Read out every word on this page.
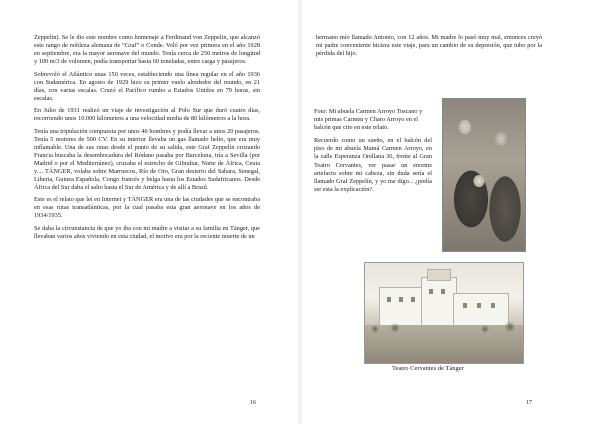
Zeppelin). Se le dio este nombre como homenaje a Ferdinand von Zeppelin, que alcanzó este rango de nobleza alemana de “Graf” o Conde. Voló por vez primera en el año 1928 en septiembre, era la mayor aeronave del mundo. Tenía cerca de 250 metros de longitud y 100 m/3 de volumen, podía transportar hasta 60 toneladas, entre carga y pasajeros.

Sobrevoló el Atlántico unas 150 veces, estableciendo una línea regular en el año 1936 con Sudamérica. En agosto de 1929 hizo su primer vuelo alrededor del mundo, en 21 días, con varias escalas. Cruzó el Pacífico rumbo a Estados Unidos en 79 horas, sin escalas.

En Julio de 1931 realizó un viaje de investigación al Polo Sur que duró cuatro días, recorriendo unos 10.000 kilómetros a una velocidad media de 80 kilómetros a la hora.

Tenía una tripulación compuesta por unos 40 hombres y podía llevar a unos 20 pasajeros. Tenía 5 motores de 500 CV. En su interior llevaba un gas llamado helio, que era muy inflamable. Una de sus rutas desde el punto de su salida, este Graf Zeppelín cruzando Francia buscaba la desembocadura del Ródano pasaba por Barcelona, iría a Sevilla (por Madrid o por el Mediterráneo), cruzaba el estrecho de Gibraltar, Norte de África, Ceuta y.... TÁNGER, volaba sobre Marruecos, Río de Oro, Gran desierto del Sahara, Senegal, Liberia, Guinea Española, Congo francés y belga hasta los Estados Sudafricanos. Desde África del Sur daba el salto hasta el Sur de América y de allí a Brasil.

Este es el relato que leí en Internet y TÁNGER era una de las ciudades que se encontraba en esas rutas transatlánticas, por la cual pasaba esta gran aeronave en los años de 1934/1935.

Se daba la circunstancia de que yo iba con mi madre a visitar a su familia en Tánger, que llevaban varios años viviendo en esta ciudad, el motivo era por la reciente muerte de un

16

hermano mío llamado Antonio, con 12 años. Mi madre lo pasó muy mal, entonces creyó mi padre conveniente hiciera este viaje, para un cambio de su depresión, que tubo por la pérdida del hijo.

Foto: Mi abuela Carmen Arroyo Toscano y mis primas Carmen y Charo Arroyo en el balcón que cito en este relato.

Recuerdo como un sueño, en el balcón del piso de mi abuela Mamá Carmen Arroyo, en la calle Esperanza Orellana 36, frente al Gran Teatro Cervantes, ver pasar un enorme artefacto sobre mi cabeza, sin duda sería el llamado Graf Zeppelín, y yo me digo... ¿podía ser esta la explicación?.

Teatro Cervantes de Tánger
17
